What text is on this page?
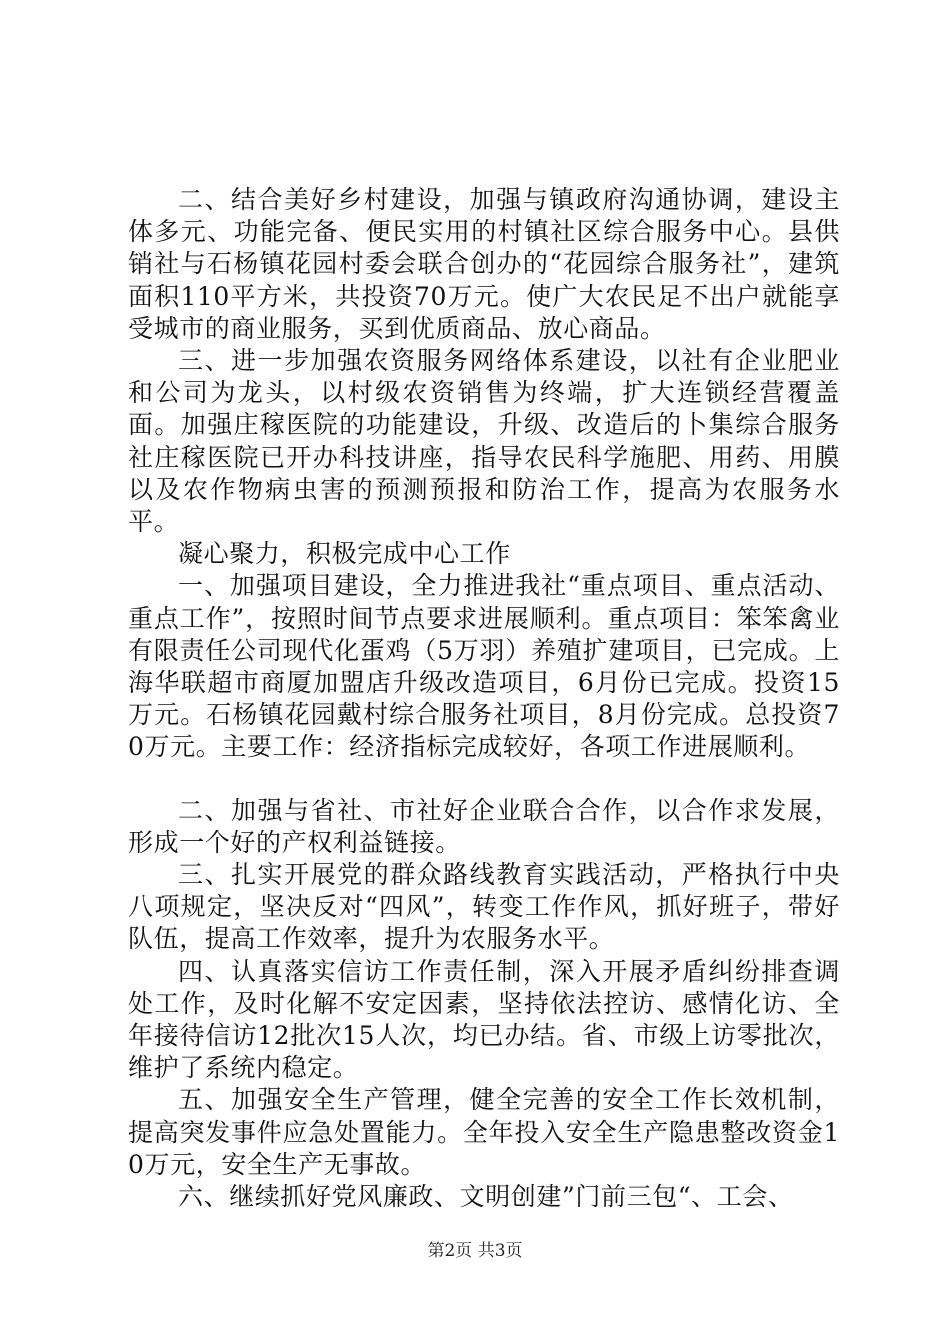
二、结合美好乡村建设，加强与镇政府沟通协调，建设主体多元、功能完备、便民实用的村镇社区综合服务中心。县供销社与石杨镇花园村委会联合创办的“花园综合服务社”，建筑面积110平方米，共投资70万元。使广大农民足不出户就能享受城市的商业服务，买到优质商品、放心商品。

三、进一步加强农资服务网络体系建设，以社有企业肥业和公司为龙头，以村级农资销售为终端，扩大连锁经营覆盖面。加强庄稼医院的功能建设，升级、改造后的卜集综合服务社庄稼医院已开办科技讲座，指导农民科学施肥、用药、用膜以及农作物病虫害的预测预报和防治工作，提高为农服务水平。

凝心聚力，积极完成中心工作

一、加强项目建设，全力推进我社“重点项目、重点活动、重点工作”，按照时间节点要求进展顺利。重点项目：笨笨禽业有限责任公司现代化蛋鸡（5万羽）养殖扩建项目，已完成。上海华联超市商厦加盟店升级改造项目，6月份已完成。投资15万元。石杨镇花园戴村综合服务社项目，8月份完成。总投资70万元。主要工作：经济指标完成较好，各项工作进展顺利。

二、加强与省社、市社好企业联合合作，以合作求发展，形成一个好的产权利益链接。

三、扎实开展党的群众路线教育实践活动，严格执行中央八项规定，坚决反对“四风”，转变工作作风，抓好班子，带好队伍，提高工作效率，提升为农服务水平。

四、认真落实信访工作责任制，深入开展矛盾纠纷排查调处工作，及时化解不安定因素，坚持依法控访、感情化访、全年接待信访12批次15人次，均已办结。省、市级上访零批次，维护了系统内稳定。

五、加强安全生产管理，健全完善的安全工作长效机制，提高突发事件应急处置能力。全年投入安全生产隐患整改资金10万元，安全生产无事故。

六、继续抓好党风廉政、文明创建”门前三包“、工会、

第2页 共3页
